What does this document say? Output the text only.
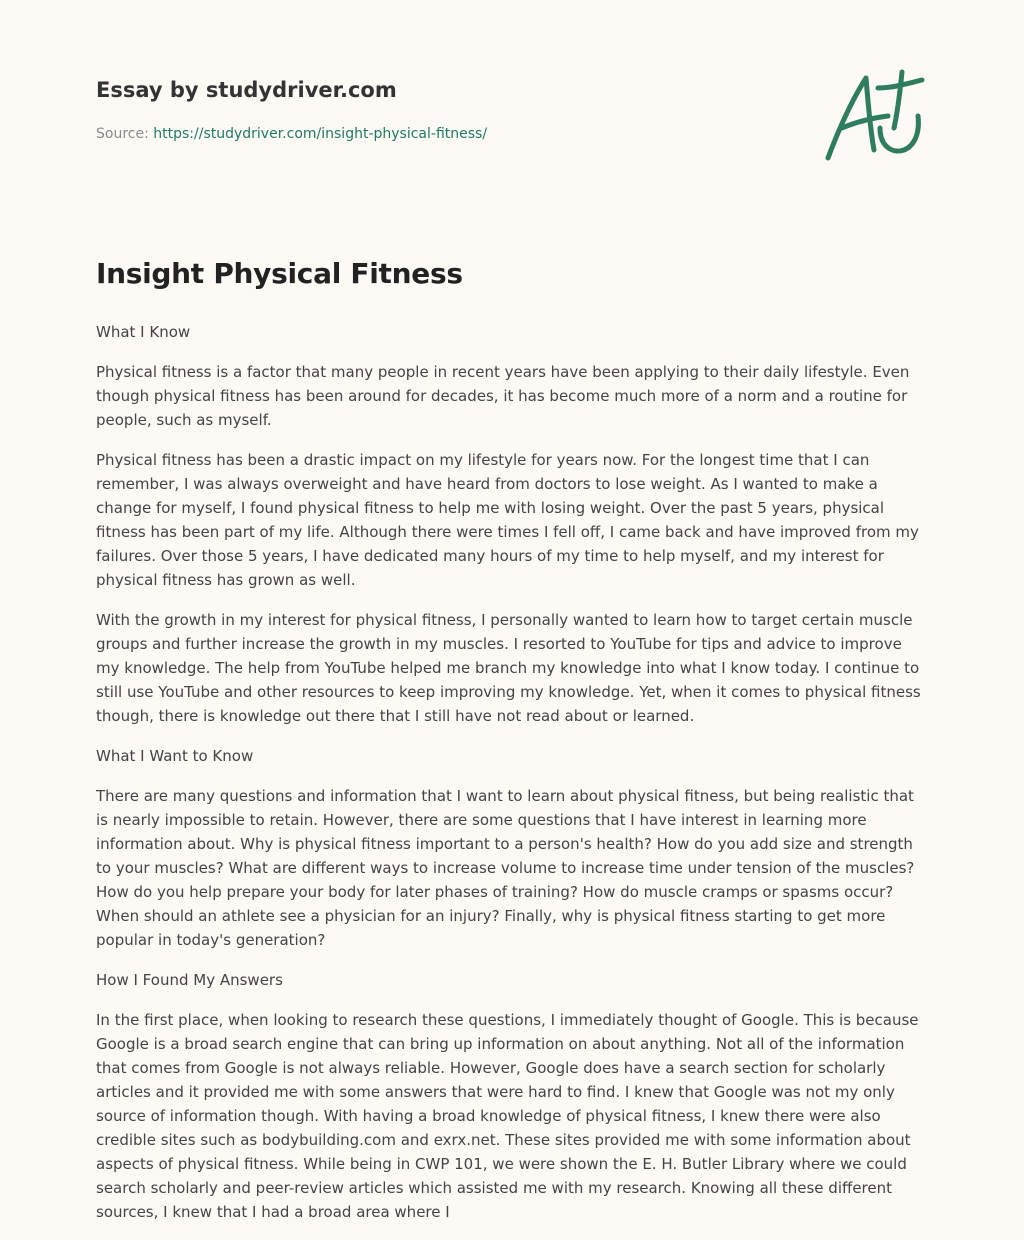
Essay by studydriver.com
Source: https://studydriver.com/insight-physical-fitness/
Insight Physical Fitness

What I Know

Physical fitness is a factor that many people in recent years have been applying to their daily lifestyle. Even though physical fitness has been around for decades, it has become much more of a norm and a routine for people, such as myself.

Physical fitness has been a drastic impact on my lifestyle for years now. For the longest time that I can remember, I was always overweight and have heard from doctors to lose weight. As I wanted to make a change for myself, I found physical fitness to help me with losing weight. Over the past 5 years, physical fitness has been part of my life. Although there were times I fell off, I came back and have improved from my failures. Over those 5 years, I have dedicated many hours of my time to help myself, and my interest for physical fitness has grown as well.

With the growth in my interest for physical fitness, I personally wanted to learn how to target certain muscle groups and further increase the growth in my muscles. I resorted to YouTube for tips and advice to improve my knowledge. The help from YouTube helped me branch my knowledge into what I know today. I continue to still use YouTube and other resources to keep improving my knowledge. Yet, when it comes to physical fitness though, there is knowledge out there that I still have not read about or learned.

What I Want to Know

There are many questions and information that I want to learn about physical fitness, but being realistic that is nearly impossible to retain. However, there are some questions that I have interest in learning more information about. Why is physical fitness important to a person's health? How do you add size and strength to your muscles? What are different ways to increase volume to increase time under tension of the muscles? How do you help prepare your body for later phases of training? How do muscle cramps or spasms occur? When should an athlete see a physician for an injury? Finally, why is physical fitness starting to get more popular in today's generation?

How I Found My Answers

In the first place, when looking to research these questions, I immediately thought of Google. This is because Google is a broad search engine that can bring up information on about anything. Not all of the information that comes from Google is not always reliable. However, Google does have a search section for scholarly articles and it provided me with some answers that were hard to find. I knew that Google was not my only source of information though. With having a broad knowledge of physical fitness, I knew there were also credible sites such as bodybuilding.com and exrx.net. These sites provided me with some information about aspects of physical fitness. While being in CWP 101, we were shown the E. H. Butler Library where we could search scholarly and peer-review articles which assisted me with my research. Knowing all these different sources, I knew that I had a broad area where I
